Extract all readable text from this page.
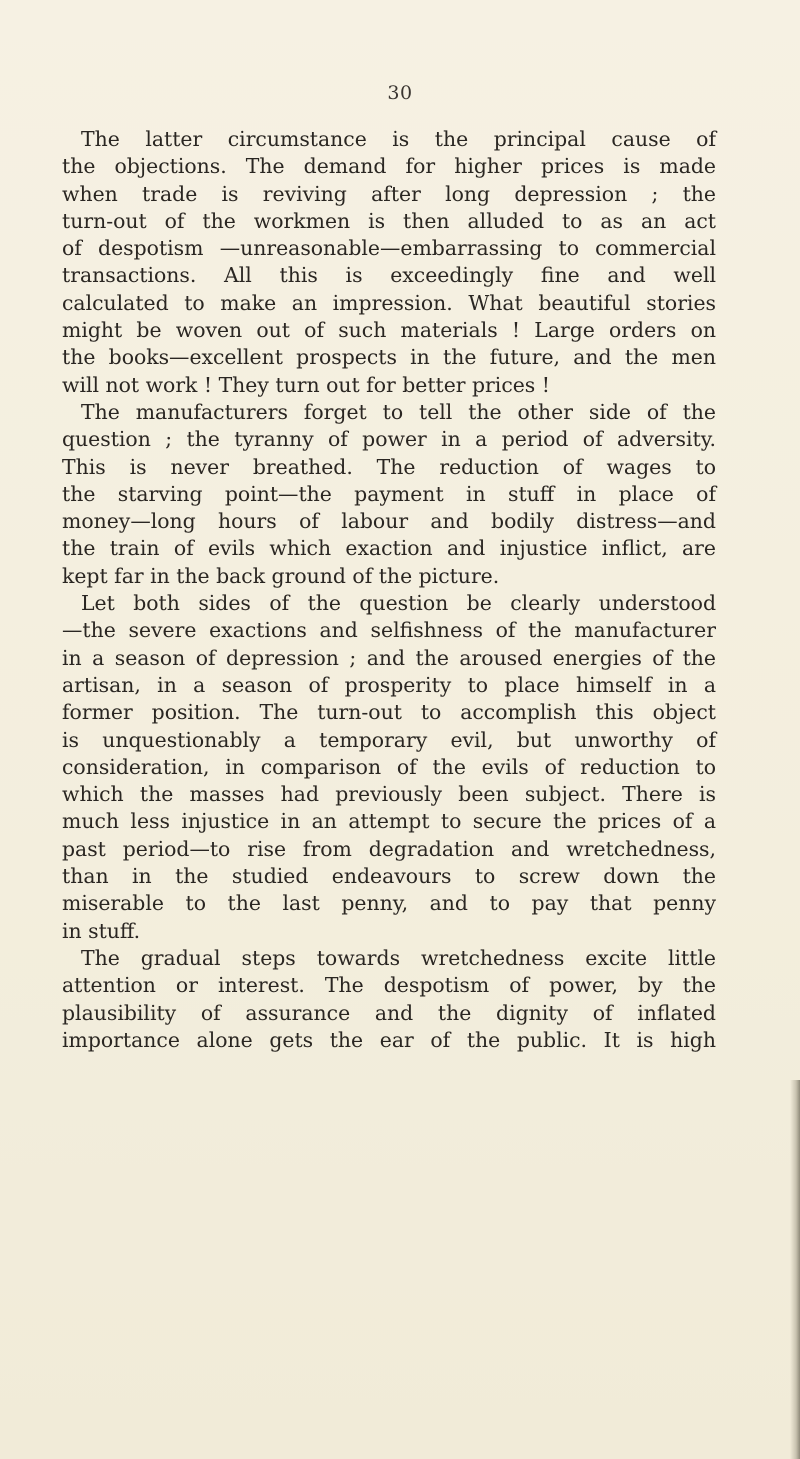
30
The latter circumstance is the principal cause of
the objections. The demand for higher prices is made
when trade is reviving after long depression ; the
turn-out of the workmen is then alluded to as an act
of despotism —unreasonable—embarrassing to commercial
transactions. All this is exceedingly fine and well
calculated to make an impression. What beautiful stories
might be woven out of such materials ! Large orders on
the books—excellent prospects in the future, and the men
will not work ! They turn out for better prices !
The manufacturers forget to tell the other side of the
question ; the tyranny of power in a period of adversity.
This is never breathed. The reduction of wages to
the starving point—the payment in stuff in place of
money—long hours of labour and bodily distress—and
the train of evils which exaction and injustice inflict, are
kept far in the back ground of the picture.
Let both sides of the question be clearly understood
—the severe exactions and selfishness of the manufacturer
in a season of depression ; and the aroused energies of the
artisan, in a season of prosperity to place himself in a
former position. The turn-out to accomplish this object
is unquestionably a temporary evil, but unworthy of
consideration, in comparison of the evils of reduction to
which the masses had previously been subject. There is
much less injustice in an attempt to secure the prices of a
past period—to rise from degradation and wretchedness,
than in the studied endeavours to screw down the
miserable to the last penny, and to pay that penny
in stuff.
The gradual steps towards wretchedness excite little
attention or interest. The despotism of power, by the
plausibility of assurance and the dignity of inflated
importance alone gets the ear of the public. It is high
